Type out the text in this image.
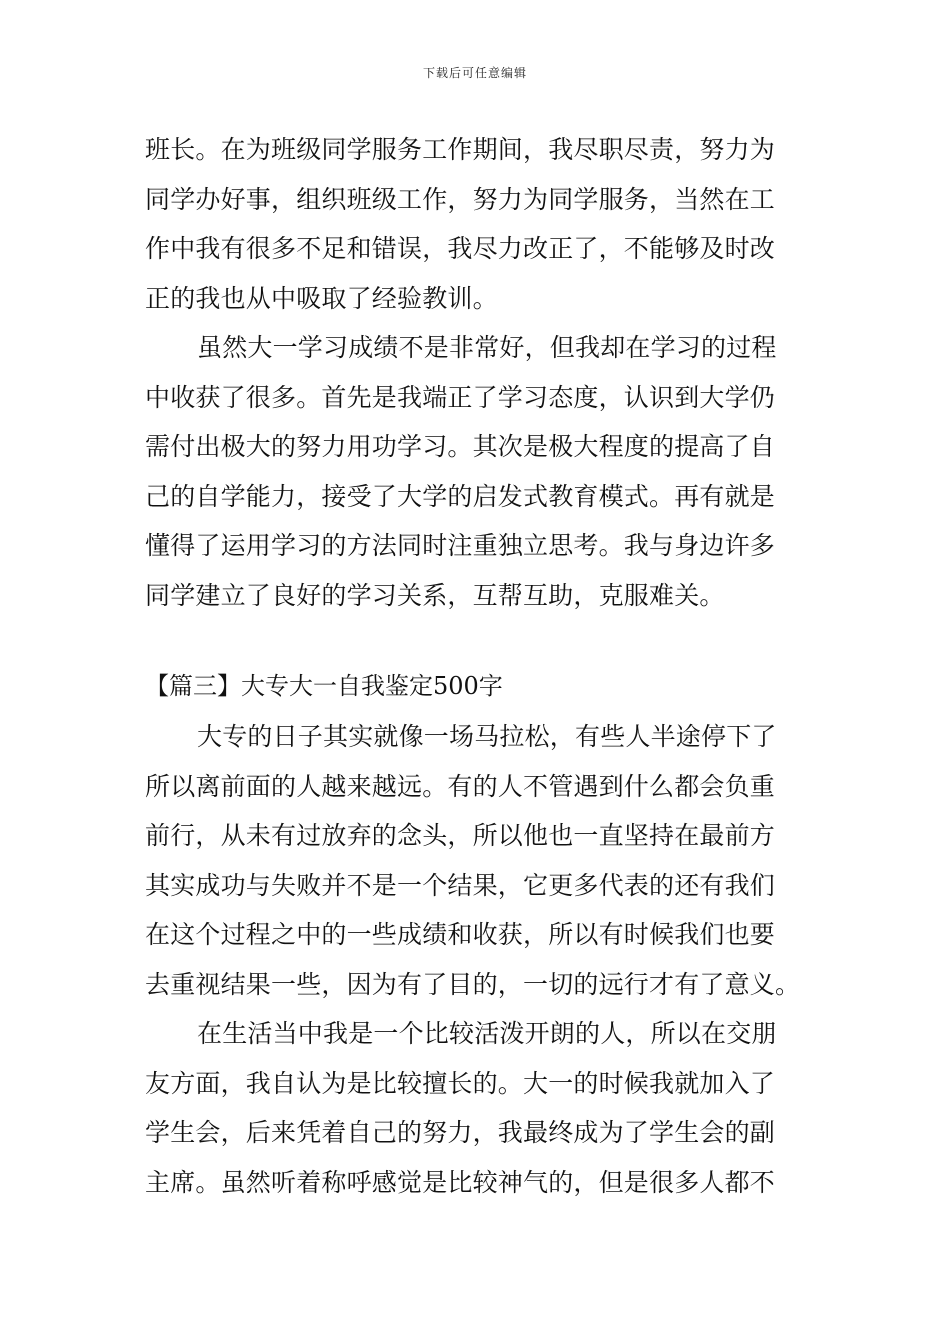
下载后可任意编辑
班长。在为班级同学服务工作期间，我尽职尽责，努力为
同学办好事，组织班级工作，努力为同学服务，当然在工
作中我有很多不足和错误，我尽力改正了，不能够及时改
正的我也从中吸取了经验教训。
虽然大一学习成绩不是非常好，但我却在学习的过程
中收获了很多。首先是我端正了学习态度，认识到大学仍
需付出极大的努力用功学习。其次是极大程度的提高了自
己的自学能力，接受了大学的启发式教育模式。再有就是
懂得了运用学习的方法同时注重独立思考。我与身边许多
同学建立了良好的学习关系，互帮互助，克服难关。
【篇三】大专大一自我鉴定500字
大专的日子其实就像一场马拉松，有些人半途停下了
所以离前面的人越来越远。有的人不管遇到什么都会负重
前行，从未有过放弃的念头，所以他也一直坚持在最前方
其实成功与失败并不是一个结果，它更多代表的还有我们
在这个过程之中的一些成绩和收获，所以有时候我们也要
去重视结果一些，因为有了目的，一切的远行才有了意义。
在生活当中我是一个比较活泼开朗的人，所以在交朋
友方面，我自认为是比较擅长的。大一的时候我就加入了
学生会，后来凭着自己的努力，我最终成为了学生会的副
主席。虽然听着称呼感觉是比较神气的，但是很多人都不
